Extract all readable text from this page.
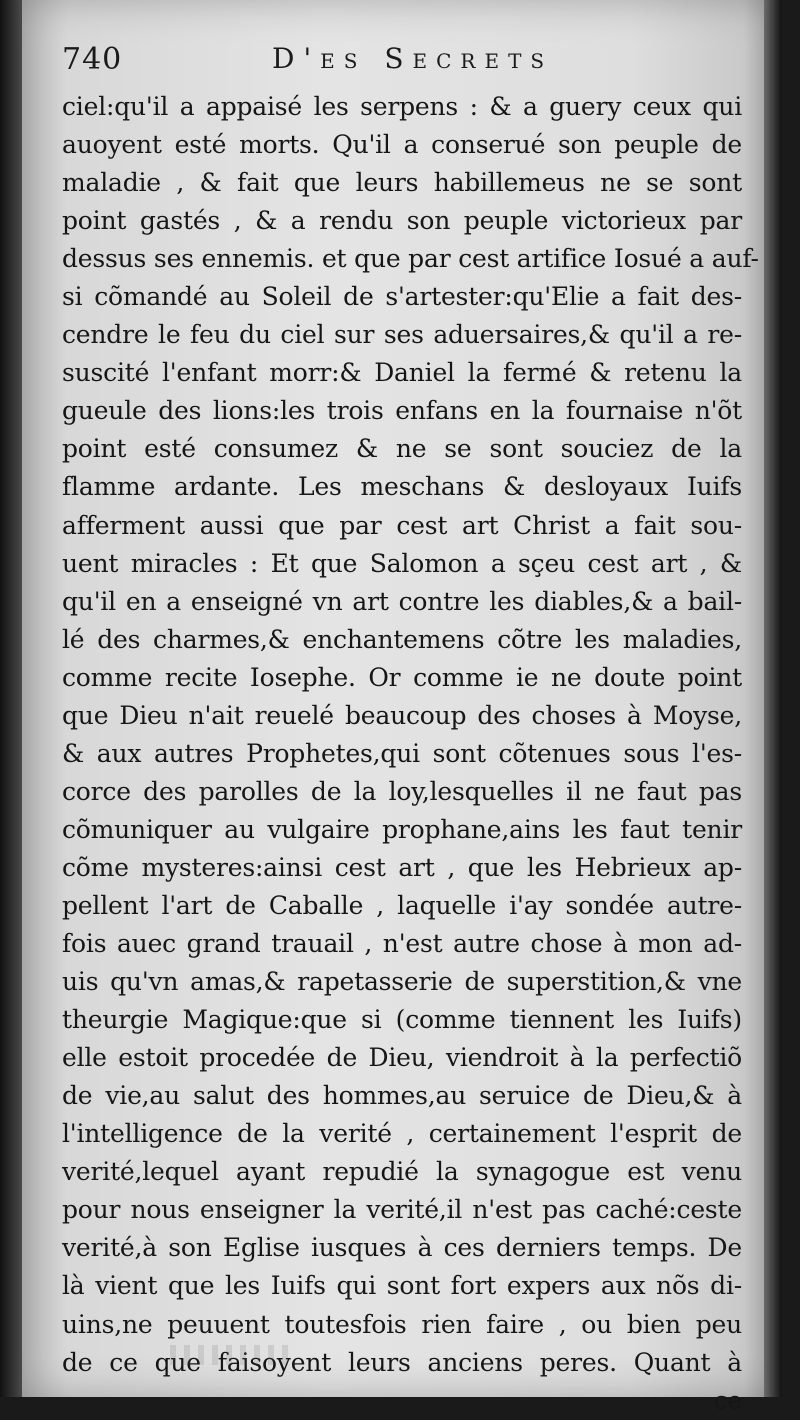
740	D'es Secrets
ciel:qu'il a appaisé les serpens : & a guery ceux qui
auoyent esté morts. Qu'il a conserué son peuple de
maladie , & fait que leurs habillemeus ne se sont
point gastés , & a rendu son peuple victorieux par
dessus ses ennemis. et que par cest artifice Iosué a auf-
si cõmandé au Soleil de s'artester:qu'Elie a fait des-
cendre le feu du ciel sur ses aduersaires,& qu'il a re-
suscité l'enfant morr:& Daniel la fermé & retenu la
gueule des lions:les trois enfans en la fournaise n'õt
point esté consumez & ne se sont souciez de la
flamme ardante. Les meschans & desloyaux Iuifs
afferment aussi que par cest art Christ a fait sou-
uent miracles : Et que Salomon a sçeu cest art , &
qu'il en a enseigné vn art contre les diables,& a bail-
lé des charmes,& enchantemens cõtre les maladies,
comme recite Iosephe. Or comme ie ne doute point
que Dieu n'ait reuelé beaucoup des choses à Moyse,
& aux autres Prophetes,qui sont cõtenues sous l'es-
corce des parolles de la loy,lesquelles il ne faut pas
cõmuniquer au vulgaire prophane,ains les faut tenir
cõme mysteres:ainsi cest art , que les Hebrieux ap-
pellent l'art de Caballe , laquelle i'ay sondée autre-
fois auec grand trauail , n'est autre chose à mon ad-
uis qu'vn amas,& rapetasserie de superstition,& vne
theurgie Magique:que si (comme tiennent les Iuifs)
elle estoit procedée de Dieu, viendroit à la perfectiõ
de vie,au salut des hommes,au seruice de Dieu,& à
l'intelligence de la verité , certainement l'esprit de
verité,lequel ayant repudié la synagogue est venu
pour nous enseigner la verité,il n'est pas caché:ceste
verité,à son Eglise iusques à ces derniers temps. De
là vient que les Iuifs qui sont fort expers aux nõs di-
uins,ne peuuent toutesfois rien faire , ou bien peu
de ce que faisoyent leurs anciens peres. Quant à
ce
